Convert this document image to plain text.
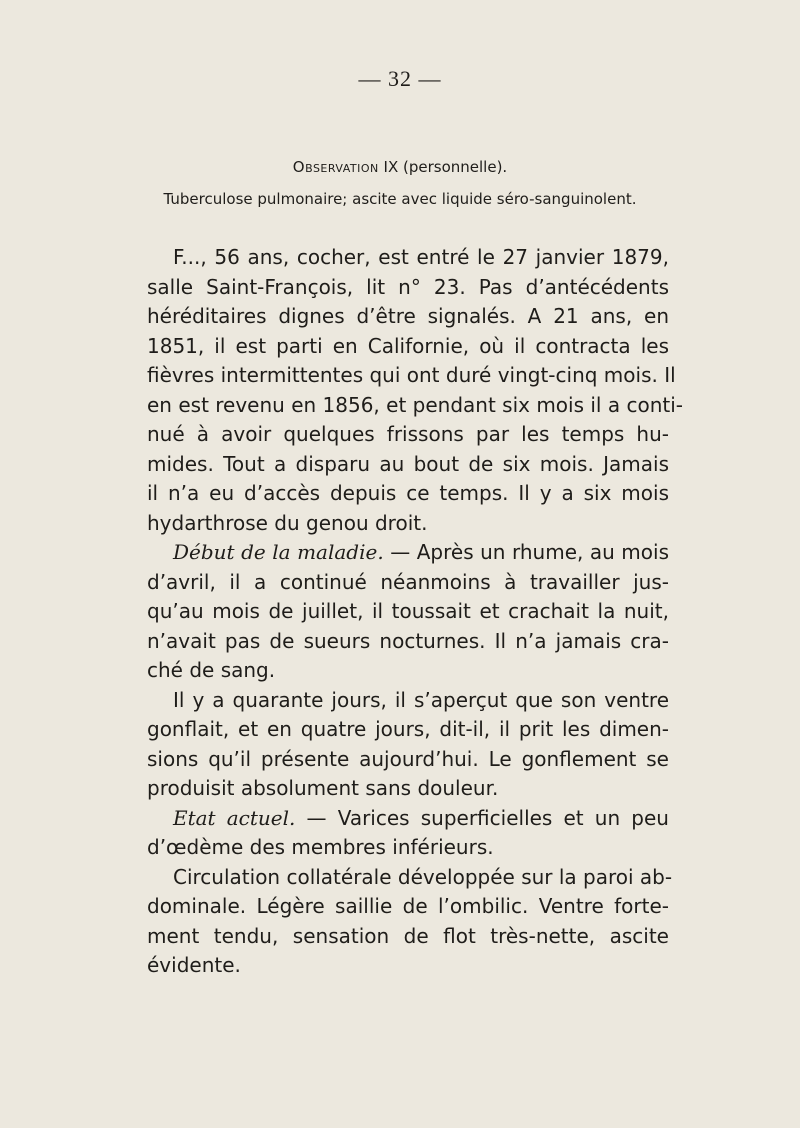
— 32 —
Observation IX (personnelle).
Tuberculose pulmonaire; ascite avec liquide séro-sanguinolent.
F..., 56 ans, cocher, est entré le 27 janvier 1879,
salle Saint-François, lit n° 23. Pas d’antécédents
héréditaires dignes d’être signalés. A 21 ans, en
1851, il est parti en Californie, où il contracta les
fièvres intermittentes qui ont duré vingt-cinq mois. Il
en est revenu en 1856, et pendant six mois il a conti-
nué à avoir quelques frissons par les temps hu-
mides. Tout a disparu au bout de six mois. Jamais
il n’a eu d’accès depuis ce temps. Il y a six mois
hydarthrose du genou droit.
Début de la maladie. — Après un rhume, au mois
d’avril, il a continué néanmoins à travailler jus-
qu’au mois de juillet, il toussait et crachait la nuit,
n’avait pas de sueurs nocturnes. Il n’a jamais cra-
ché de sang.
Il y a quarante jours, il s’aperçut que son ventre
gonflait, et en quatre jours, dit-il, il prit les dimen-
sions qu’il présente aujourd’hui. Le gonflement se
produisit absolument sans douleur.
Etat actuel. — Varices superficielles et un peu
d’œdème des membres inférieurs.
Circulation collatérale développée sur la paroi ab-
dominale. Légère saillie de l’ombilic. Ventre forte-
ment tendu, sensation de flot très-nette, ascite
évidente.
